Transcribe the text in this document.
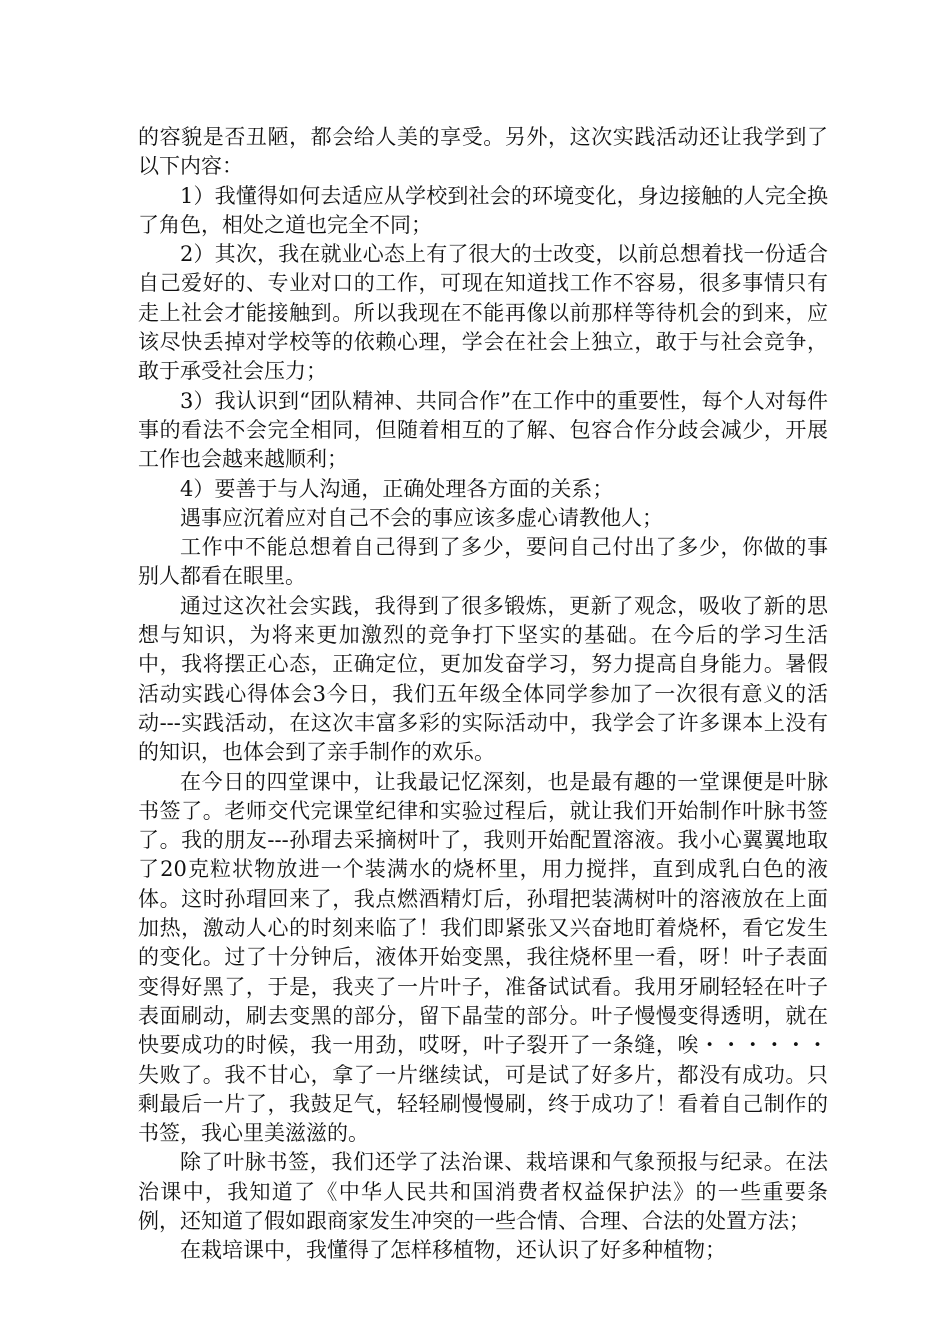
的容貌是否丑陋，都会给人美的享受。另外，这次实践活动还让我学到了以下内容：

1）我懂得如何去适应从学校到社会的环境变化，身边接触的人完全换了角色，相处之道也完全不同；

2）其次，我在就业心态上有了很大的士改变，以前总想着找一份适合自己爱好的、专业对口的工作，可现在知道找工作不容易，很多事情只有走上社会才能接触到。所以我现在不能再像以前那样等待机会的到来，应该尽快丢掉对学校等的依赖心理，学会在社会上独立，敢于与社会竞争，敢于承受社会压力；

3）我认识到“团队精神、共同合作”在工作中的重要性，每个人对每件事的看法不会完全相同，但随着相互的了解、包容合作分歧会减少，开展工作也会越来越顺利；

4）要善于与人沟通，正确处理各方面的关系；

遇事应沉着应对自己不会的事应该多虚心请教他人；

工作中不能总想着自己得到了多少，要问自己付出了多少，你做的事别人都看在眼里。

通过这次社会实践，我得到了很多锻炼，更新了观念，吸收了新的思想与知识，为将来更加激烈的竞争打下坚实的基础。在今后的学习生活中，我将摆正心态，正确定位，更加发奋学习，努力提高自身能力。暑假活动实践心得体会3今日，我们五年级全体同学参加了一次很有意义的活动---实践活动，在这次丰富多彩的实际活动中，我学会了许多课本上没有的知识，也体会到了亲手制作的欢乐。

在今日的四堂课中，让我最记忆深刻，也是最有趣的一堂课便是叶脉书签了。老师交代完课堂纪律和实验过程后，就让我们开始制作叶脉书签了。我的朋友---孙瑁去采摘树叶了，我则开始配置溶液。我小心翼翼地取了20克粒状物放进一个装满水的烧杯里，用力搅拌，直到成乳白色的液体。这时孙瑁回来了，我点燃酒精灯后，孙瑁把装满树叶的溶液放在上面加热，激动人心的时刻来临了！我们即紧张又兴奋地盯着烧杯，看它发生的变化。过了十分钟后，液体开始变黑，我往烧杯里一看，呀！叶子表面变得好黑了，于是，我夹了一片叶子，准备试试看。我用牙刷轻轻在叶子表面刷动，刷去变黑的部分，留下晶莹的部分。叶子慢慢变得透明，就在快要成功的时候，我一用劲，哎呀，叶子裂开了一条缝，唉・・・・・・失败了。我不甘心，拿了一片继续试，可是试了好多片，都没有成功。只剩最后一片了，我鼓足气，轻轻刷慢慢刷，终于成功了！看着自己制作的书签，我心里美滋滋的。

除了叶脉书签，我们还学了法治课、栽培课和气象预报与纪录。在法治课中，我知道了《中华人民共和国消费者权益保护法》的一些重要条例，还知道了假如跟商家发生冲突的一些合情、合理、合法的处置方法；

在栽培课中，我懂得了怎样移植物，还认识了好多种植物；
